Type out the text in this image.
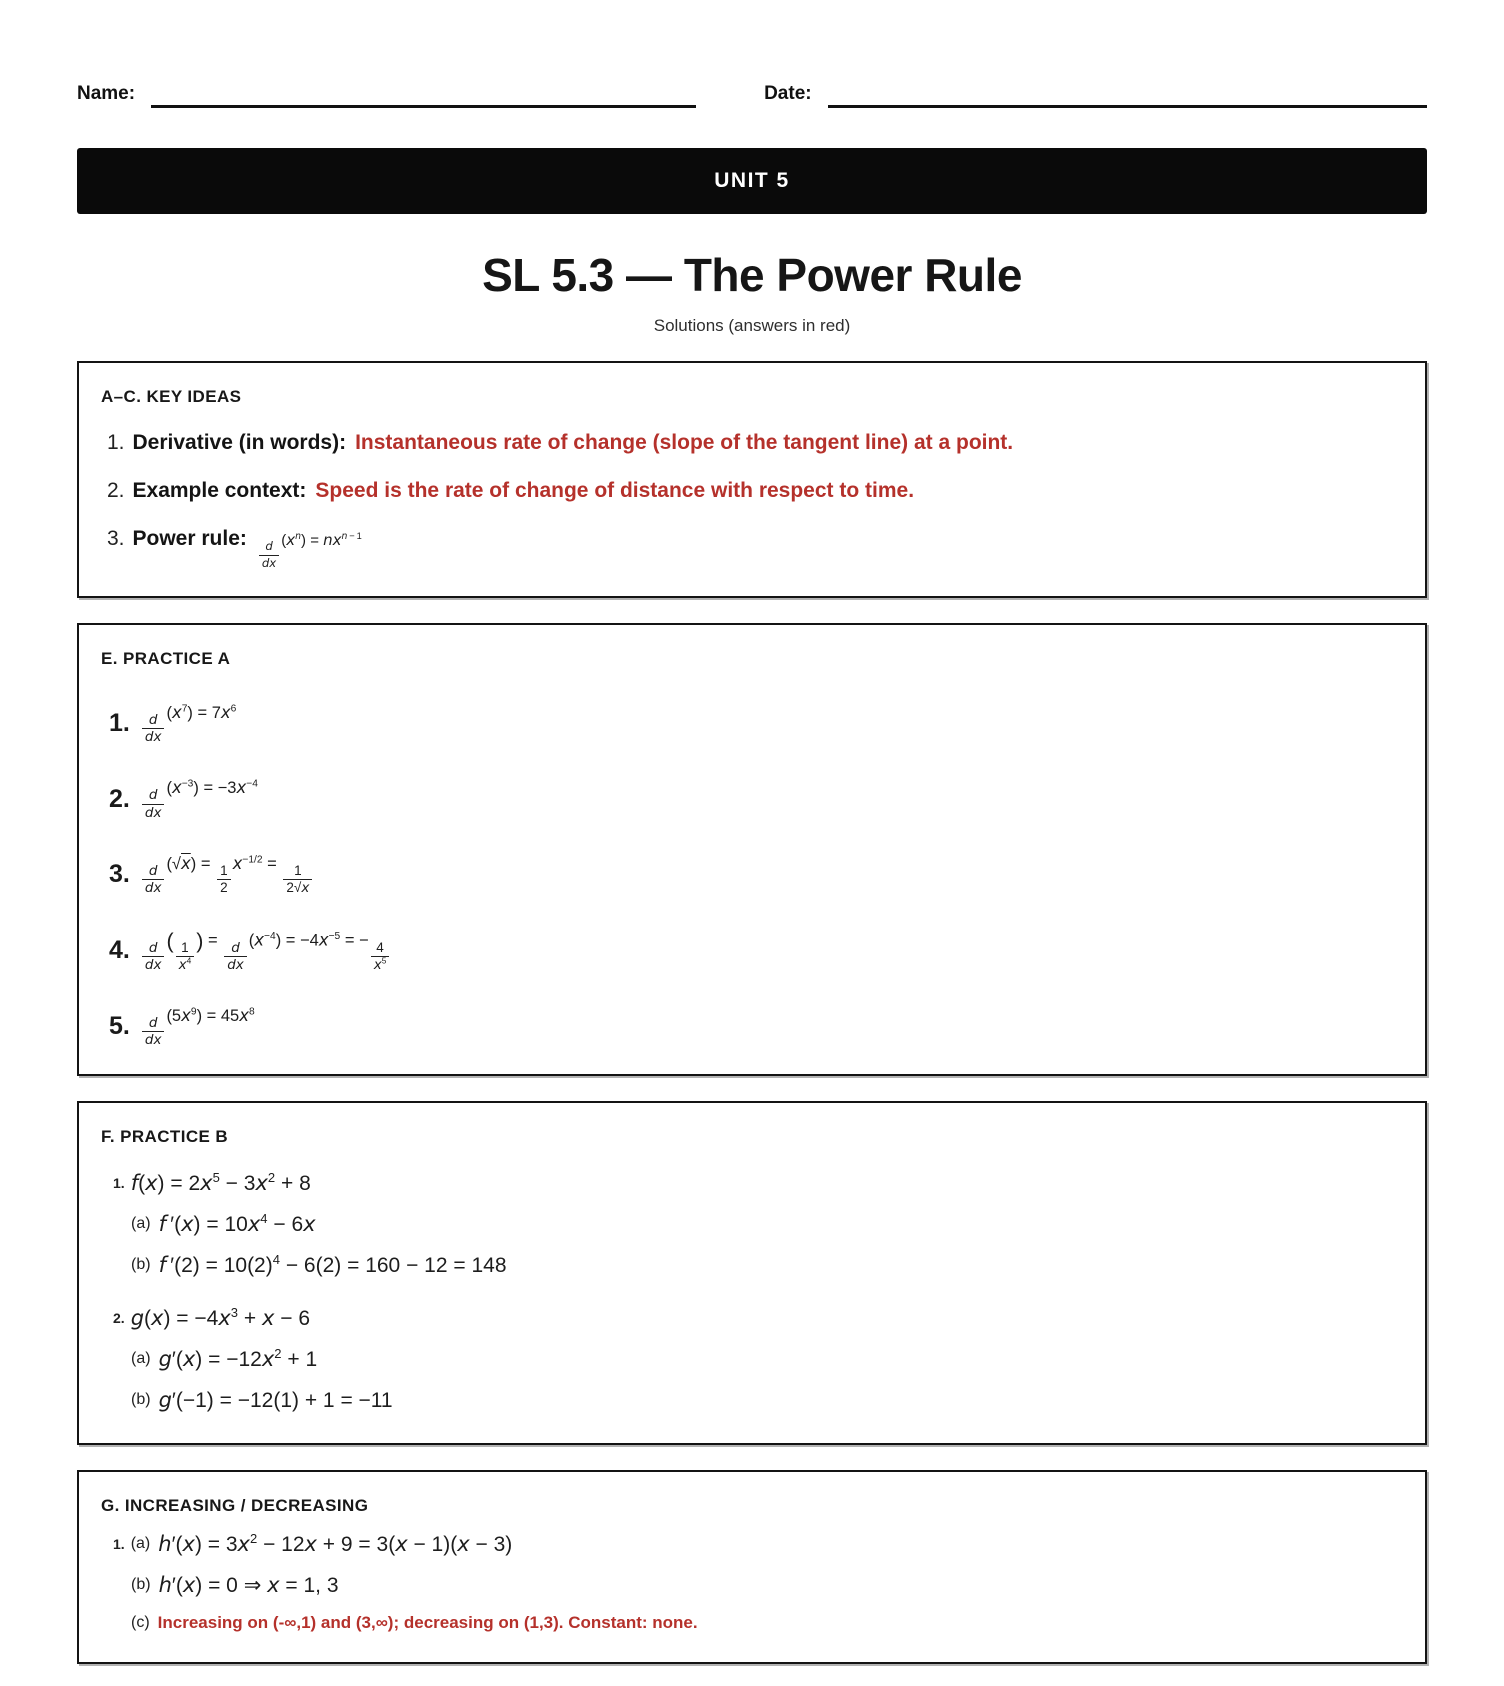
Name:	Date:
UNIT 5
SL 5.3 — The Power Rule
Solutions (answers in red)
A–C. KEY IDEAS
1. Derivative (in words): Instantaneous rate of change (slope of the tangent line) at a point.
2. Example context: Speed is the rate of change of distance with respect to time.
3. Power rule:
$\frac{d}{dx} (x^n) = nx^{n - 1}$
E. PRACTICE A
1. $\frac{d}{dx}$
$(x^7) = 7x^6$
2. $\frac{d}{dx}$
$(x^{-3}) = -3x^{-4}$
3. $\frac{d}{dx}$
(√x) =
$\frac{1}{2}$
$x^{-1/2}$ =
$\frac{1}{2√x}$
4. $\frac{d}{dx}$ ( $\frac{1}{x^4}$ ) =
$\frac{d}{dx}$
$(x^{-4}) = -4x^{-5}$ = −
$\frac{4}{x^5}$
5. $\frac{d}{dx}$
$(5x^9) = 45x^8$
F. PRACTICE B
1. $f(x) = 2x^5 - 3x^2 + 8$
(a) f $'(x) = 10x^4 - 6x$
(b) f $'(2) = 10(2)^4 - 6(2) = 160 - 12 = 148$
2. $g(x) = -4x^3 + x - 6$
(a) $g'(x) = -12x^2 + 1$
(b) g′(−1) = −12(1) + 1 = −11
G. INCREASING / DECREASING
1. (a) $h'(x) = 3x^2 - 12x + 9 = 3(x - 1)(x - 3)$
(b) h′(x) = 0 ⇒ x = 1, 3
(c) Increasing on (-∞,1) and (3,∞); decreasing on (1,3). Constant: none.
